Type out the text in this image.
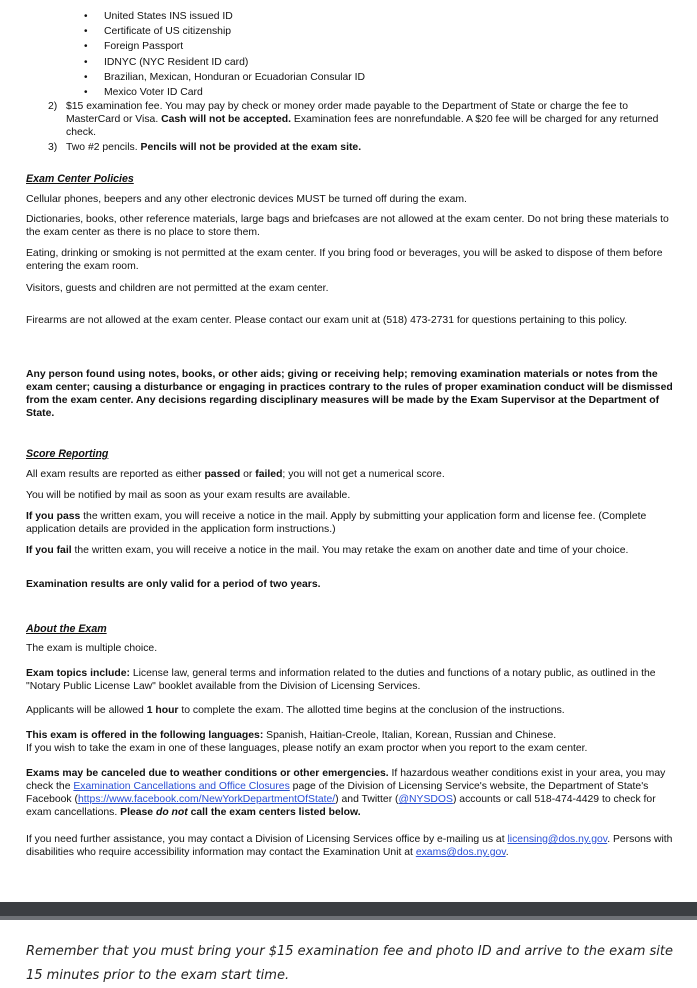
• United States INS issued ID
• Certificate of US citizenship
• Foreign Passport
• IDNYC (NYC Resident ID card)
• Brazilian, Mexican, Honduran or Ecuadorian Consular ID
• Mexico Voter ID Card
2) $15 examination fee. You may pay by check or money order made payable to the Department of State or charge the fee to MasterCard or Visa. Cash will not be accepted. Examination fees are nonrefundable. A $20 fee will be charged for any returned check.
3) Two #2 pencils. Pencils will not be provided at the exam site.
Exam Center Policies

Cellular phones, beepers and any other electronic devices MUST be turned off during the exam.

Dictionaries, books, other reference materials, large bags and briefcases are not allowed at the exam center. Do not bring these materials to the exam center as there is no place to store them.

Eating, drinking or smoking is not permitted at the exam center. If you bring food or beverages, you will be asked to dispose of them before entering the exam room.

Visitors, guests and children are not permitted at the exam center.

Firearms are not allowed at the exam center. Please contact our exam unit at (518) 473-2731 for questions pertaining to this policy.

Any person found using notes, books, or other aids; giving or receiving help; removing examination materials or notes from the exam center; causing a disturbance or engaging in practices contrary to the rules of proper examination conduct will be dismissed from the exam center. Any decisions regarding disciplinary measures will be made by the Exam Supervisor at the Department of State.

Score Reporting

All exam results are reported as either passed or failed; you will not get a numerical score.

You will be notified by mail as soon as your exam results are available.

If you pass the written exam, you will receive a notice in the mail. Apply by submitting your application form and license fee. (Complete application details are provided in the application form instructions.)

If you fail the written exam, you will receive a notice in the mail. You may retake the exam on another date and time of your choice.

Examination results are only valid for a period of two years.

About the Exam

The exam is multiple choice.

Exam topics include: License law, general terms and information related to the duties and functions of a notary public, as outlined in the "Notary Public License Law" booklet available from the Division of Licensing Services.

Applicants will be allowed 1 hour to complete the exam. The allotted time begins at the conclusion of the instructions.

This exam is offered in the following languages: Spanish, Haitian-Creole, Italian, Korean, Russian and Chinese.
If you wish to take the exam in one of these languages, please notify an exam proctor when you report to the exam center.

Exams may be canceled due to weather conditions or other emergencies. If hazardous weather conditions exist in your area, you may check the Examination Cancellations and Office Closures page of the Division of Licensing Service's website, the Department of State's Facebook (https://www.facebook.com/NewYorkDepartmentOfState/) and Twitter (@NYSDOS) accounts or call 518-474-4429 to check for exam cancellations. Please do not call the exam centers listed below.

If you need further assistance, you may contact a Division of Licensing Services office by e-mailing us at licensing@dos.ny.gov. Persons with disabilities who require accessibility information may contact the Examination Unit at exams@dos.ny.gov.

Remember that you must bring your $15 examination fee and photo ID and arrive to the exam site 15 minutes prior to the exam start time.
